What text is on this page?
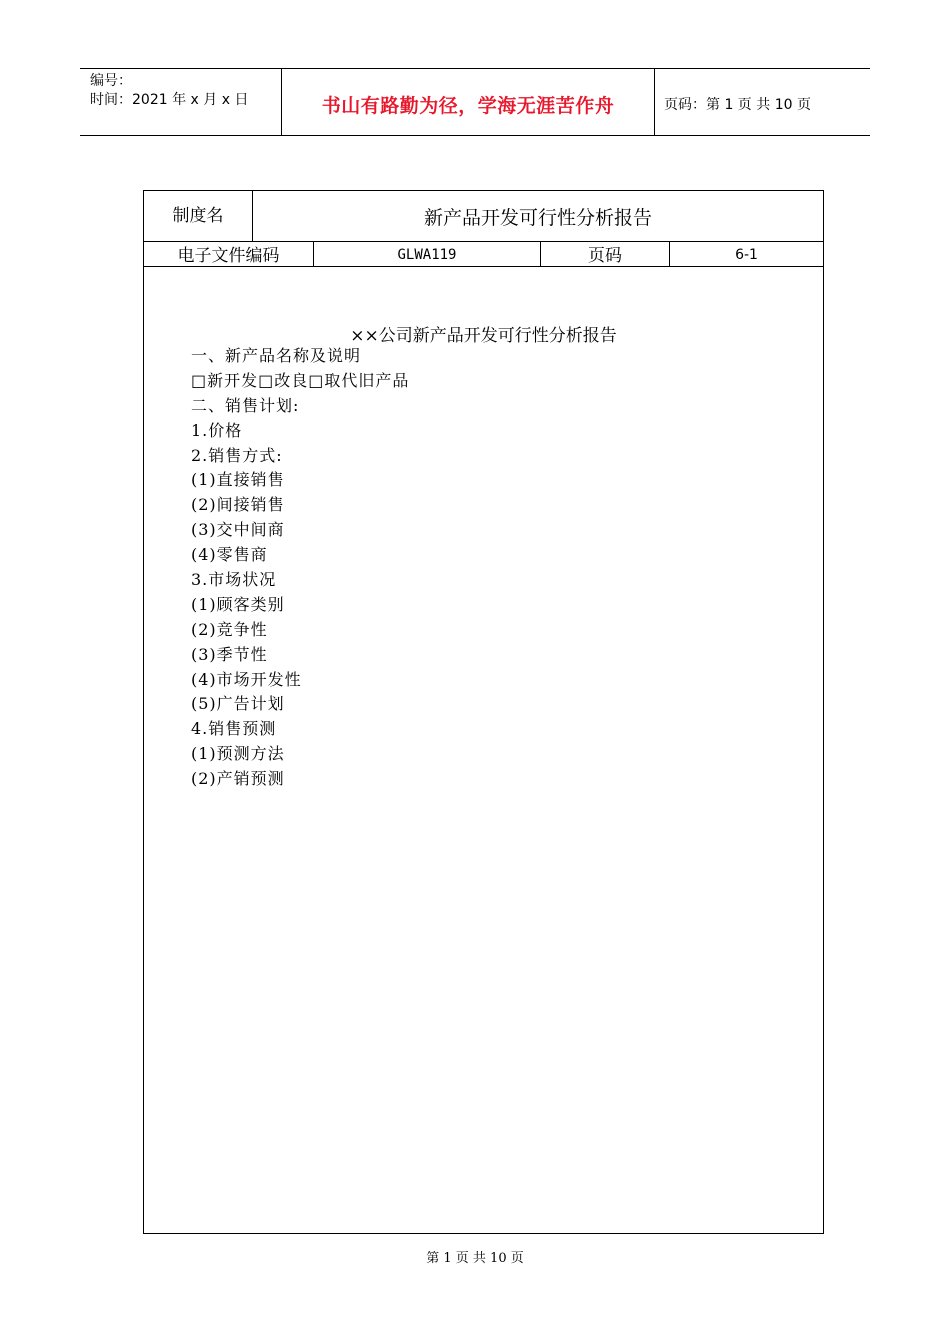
编号：
时间：2021 年 x 月 x 日	书山有路勤为径，学海无涯苦作舟	页码：第 1 页 共 10 页
制度名	新产品开发可行性分析报告
电子文件编码	GLWA119	页码	6-1
××公司新产品开发可行性分析报告
一、新产品名称及说明
□新开发□改良□取代旧产品
二、销售计划:
1.价格
2.销售方式:
(1)直接销售
(2)间接销售
(3)交中间商
(4)零售商
3.市场状况
(1)顾客类别
(2)竞争性
(3)季节性
(4)市场开发性
(5)广告计划
4.销售预测
(1)预测方法
(2)产销预测
第 1 页 共 10 页
